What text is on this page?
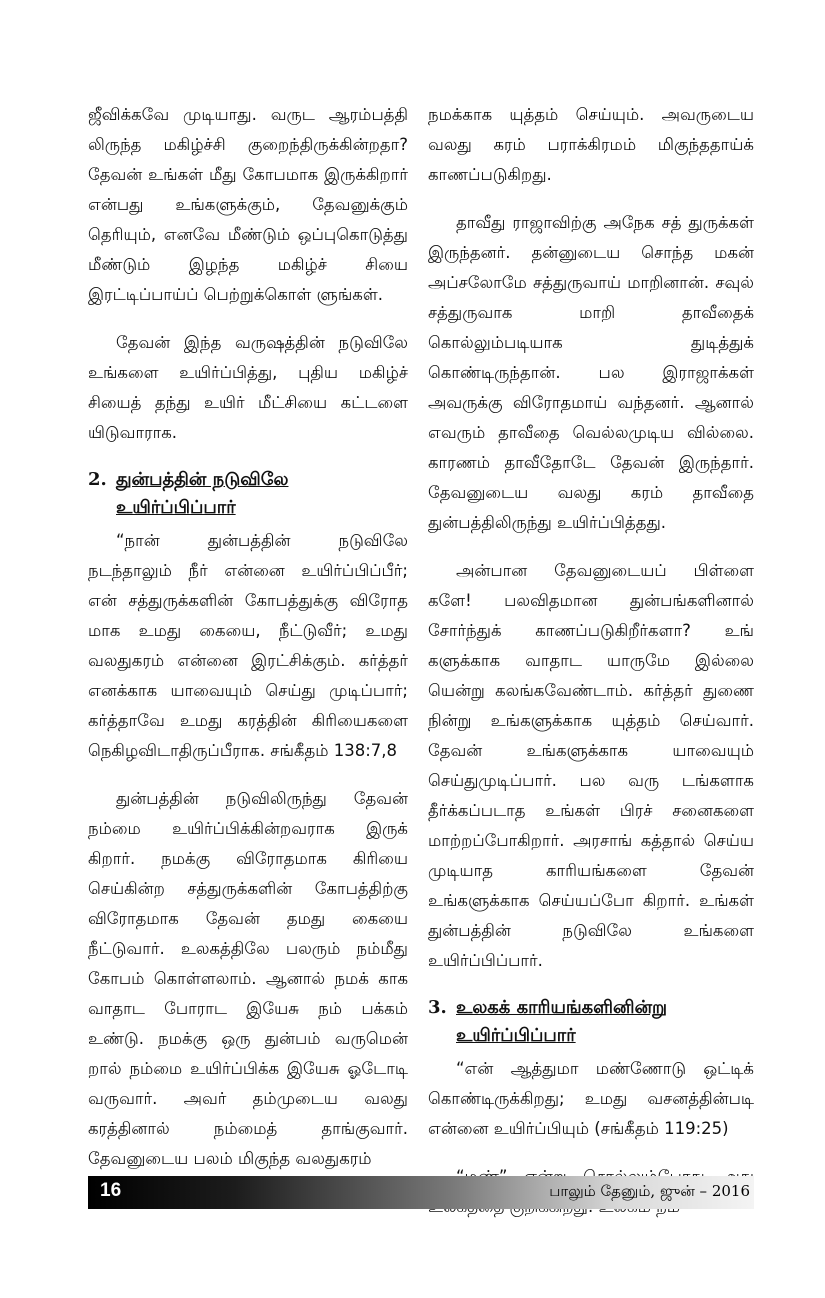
ஜீவிக்கவே முடியாது. வருட ஆரம்பத்தி லிருந்த மகிழ்ச்சி குறைந்திருக்கின்றதா? தேவன் உங்கள் மீது கோபமாக இருக்கிறார் என்பது உங்களுக்கும், தேவனுக்கும் தெரியும், எனவே மீண்டும் ஒப்புகொடுத்து மீண்டும் இழந்த மகிழ்ச் சியை இரட்டிப்பாய்ப் பெற்றுக்கொள் ளுங்கள்.

தேவன் இந்த வருஷத்தின் நடுவிலே உங்களை உயிர்ப்பித்து, புதிய மகிழ்ச் சியைத் தந்து உயிர் மீட்சியை கட்டளை யிடுவாராக.

2. துன்பத்தின் நடுவிலே
உயிர்ப்பிப்பார்

“நான் துன்பத்தின் நடுவிலே நடந்தாலும் நீர் என்னை உயிர்ப்பிப்பீர்; என் சத்துருக்களின் கோபத்துக்கு விரோத மாக உமது கையை, நீட்டுவீர்; உமது வலதுகரம் என்னை இரட்சிக்கும். கர்த்தர் எனக்காக யாவையும் செய்து முடிப்பார்; கர்த்தாவே உமது கரத்தின் கிரியைகளை நெகிழவிடாதிருப்பீராக. சங்கீதம் 138:7,8

துன்பத்தின் நடுவிலிருந்து தேவன் நம்மை உயிர்ப்பிக்கின்றவராக இருக் கிறார். நமக்கு விரோதமாக கிரியை செய்கின்ற சத்துருக்களின் கோபத்திற்கு விரோதமாக தேவன் தமது கையை நீட்டுவார். உலகத்திலே பலரும் நம்மீது கோபம் கொள்ளலாம். ஆனால் நமக் காக வாதாட போராட இயேசு நம் பக்கம் உண்டு. நமக்கு ஒரு துன்பம் வருமென் றால் நம்மை உயிர்ப்பிக்க இயேசு ஓடோடி வருவார். அவர் தம்முடைய வலது கரத்தினால் நம்மைத் தாங்குவார். தேவனுடைய பலம் மிகுந்த வலதுகரம்

நமக்காக யுத்தம் செய்யும். அவருடைய வலது கரம் பராக்கிரமம் மிகுந்ததாய்க் காணப்படுகிறது.

தாவீது ராஜாவிற்கு அநேக சத் துருக்கள் இருந்தனர். தன்னுடைய சொந்த மகன் அப்சலோமே சத்துருவாய் மாறினான். சவுல் சத்துருவாக மாறி தாவீதைக் கொல்லும்படியாக துடித்துக் கொண்டிருந்தான். பல இராஜாக்கள் அவருக்கு விரோதமாய் வந்தனர். ஆனால் எவரும் தாவீதை வெல்லமுடிய வில்லை. காரணம் தாவீதோடே தேவன் இருந்தார். தேவனுடைய வலது கரம் தாவீதை துன்பத்திலிருந்து உயிர்ப்பித்தது.

அன்பான தேவனுடையப் பிள்ளை களே! பலவிதமான துன்பங்களினால் சோர்ந்துக் காணப்படுகிறீர்களா? உங் களுக்காக வாதாட யாருமே இல்லை யென்று கலங்கவேண்டாம். கர்த்தர் துணை நின்று உங்களுக்காக யுத்தம் செய்வார். தேவன் உங்களுக்காக யாவையும் செய்துமுடிப்பார். பல வரு டங்களாக தீர்க்கப்படாத உங்கள் பிரச் சனைகளை மாற்றப்போகிறார். அரசாங் கத்தால் செய்ய முடியாத காரியங்களை தேவன் உங்களுக்காக செய்யப்போ கிறார். உங்கள் துன்பத்தின் நடுவிலே உங்களை உயிர்ப்பிப்பார்.

3. உலகக் காரியங்களினின்று
உயிர்ப்பிப்பார்

“என் ஆத்துமா மண்ணோடு ஒட்டிக் கொண்டிருக்கிறது; உமது வசனத்தின்படி என்னை உயிர்ப்பியும் (சங்கீதம் 119:25)

16	பாலும் தேனும், ஜுன் – 2016
